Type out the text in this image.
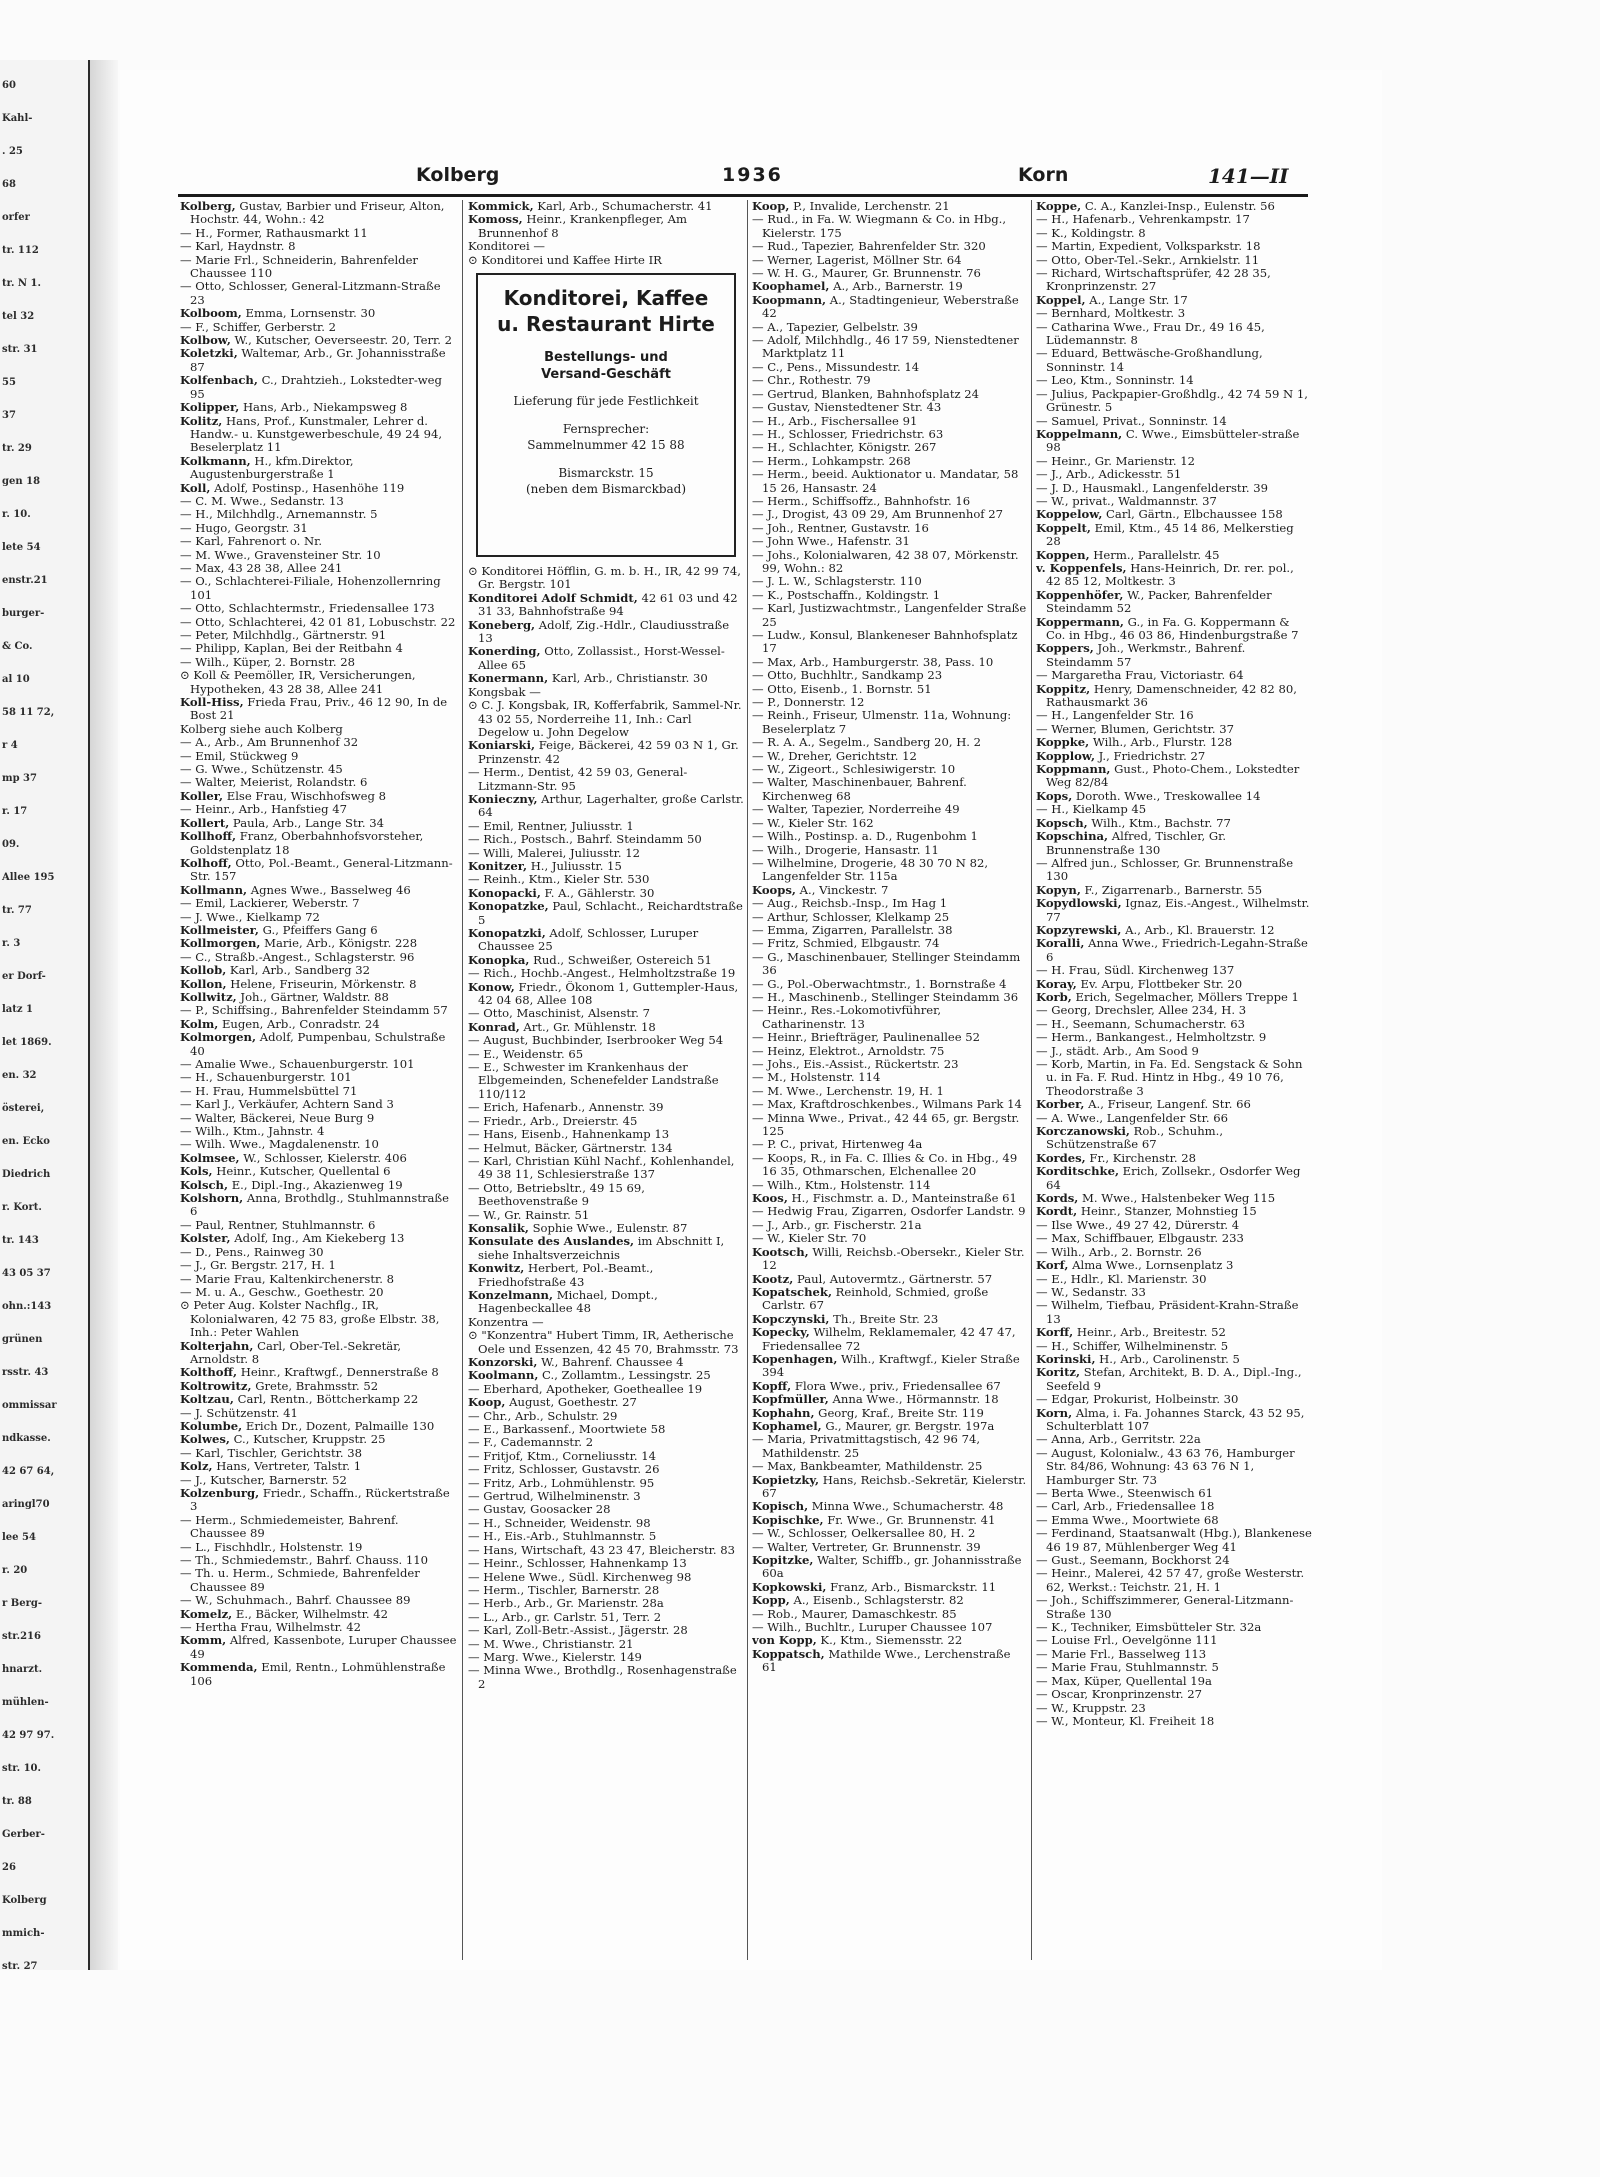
60
Kahl-
. 25
68
orfer
tr. 112
tr. N 1.
tel 32
str. 31
55
37
tr. 29
gen 18
r. 10.
lete 54
enstr.21
burger-
& Co.
al 10
58 11 72,
r 4
mp 37
r. 17
09.
Allee 195
tr. 77
r. 3
er Dorf-
latz 1
let 1869.
en. 32
österei,
en. Ecko
Diedrich
r. Kort.
tr. 143
43 05 37
ohn.:143
grünen
rsstr. 43
ommissar
ndkasse.
42 67 64,
aringl70
lee 54
r. 20
r Berg-
str.216
hnarzt.
mühlen-
42 97 97.
str. 10.
tr. 88
Gerber-
26
Kolberg
mmich-
str. 27
Kolberg	1936	Korn	141—II

Kolberg, Gustav, Barbier und Friseur, Alton, Hochstr. 44, Wohn.: 42

— H., Former, Rathausmarkt 11

— Karl, Haydnstr. 8

— Marie Frl., Schneiderin, Bahrenfelder Chaussee 110

— Otto, Schlosser, General-Litzmann-Straße 23

Kolboom, Emma, Lornsenstr. 30

— F., Schiffer, Gerberstr. 2

Kolbow, W., Kutscher, Oeverseestr. 20, Terr. 2

Koletzki, Waltemar, Arb., Gr. Johannisstraße 87

Kolfenbach, C., Drahtzieh., Lokstedter-weg 95

Kolipper, Hans, Arb., Niekampsweg 8

Kolitz, Hans, Prof., Kunstmaler, Lehrer d. Handw.- u. Kunstgewerbeschule, 49 24 94, Beselerplatz 11

Kolkmann, H., kfm.Direktor, Augustenburgerstraße 1

Koll, Adolf, Postinsp., Hasenhöhe 119

— C. M. Wwe., Sedanstr. 13

— H., Milchhdlg., Arnemannstr. 5

— Hugo, Georgstr. 31

— Karl, Fahrenort o. Nr.

— M. Wwe., Gravensteiner Str. 10

— Max, 43 28 38, Allee 241

— O., Schlachterei-Filiale, Hohenzollernring 101

— Otto, Schlachtermstr., Friedensallee 173

— Otto, Schlachterei, 42 01 81, Lobuschstr. 22

— Peter, Milchhdlg., Gärtnerstr. 91

— Philipp, Kaplan, Bei der Reitbahn 4

— Wilh., Küper, 2. Bornstr. 28

⊙ Koll & Peemöller, IR, Versicherungen, Hypotheken, 43 28 38, Allee 241

Koll-Hiss, Frieda Frau, Priv., 46 12 90, In de Bost 21

Kolberg siehe auch Kolberg

— A., Arb., Am Brunnenhof 32

— Emil, Stückweg 9

— G. Wwe., Schützenstr. 45

— Walter, Meierist, Rolandstr. 6

Koller, Else Frau, Wischhofsweg 8

— Heinr., Arb., Hanfstieg 47

Kollert, Paula, Arb., Lange Str. 34

Kollhoff, Franz, Oberbahnhofsvorsteher, Goldstenplatz 18

Kolhoff, Otto, Pol.-Beamt., General-Litzmann-Str. 157

Kollmann, Agnes Wwe., Basselweg 46

— Emil, Lackierer, Weberstr. 7

— J. Wwe., Kielkamp 72

Kollmeister, G., Pfeiffers Gang 6

Kollmorgen, Marie, Arb., Königstr. 228

— C., Straßb.-Angest., Schlagsterstr. 96

Kollob, Karl, Arb., Sandberg 32

Kollon, Helene, Friseurin, Mörkenstr. 8

Kollwitz, Joh., Gärtner, Waldstr. 88

— P., Schiffsing., Bahrenfelder Steindamm 57

Kolm, Eugen, Arb., Conradstr. 24

Kolmorgen, Adolf, Pumpenbau, Schulstraße 40

— Amalie Wwe., Schauenburgerstr. 101

— H., Schauenburgerstr. 101

— H. Frau, Hummelsbüttel 71

— Karl J., Verkäufer, Achtern Sand 3

— Walter, Bäckerei, Neue Burg 9

— Wilh., Ktm., Jahnstr. 4

— Wilh. Wwe., Magdalenenstr. 10

Kolmsee, W., Schlosser, Kielerstr. 406

Kols, Heinr., Kutscher, Quellental 6

Kolsch, E., Dipl.-Ing., Akazienweg 19

Kolshorn, Anna, Brothdlg., Stuhlmannstraße 6

— Paul, Rentner, Stuhlmannstr. 6

Kolster, Adolf, Ing., Am Kiekeberg 13

— D., Pens., Rainweg 30

— J., Gr. Bergstr. 217, H. 1

— Marie Frau, Kaltenkirchenerstr. 8

— M. u. A., Geschw., Goethestr. 20

⊙ Peter Aug. Kolster Nachflg., IR, Kolonialwaren, 42 75 83, große Elbstr. 38, Inh.: Peter Wahlen

Kolterjahn, Carl, Ober-Tel.-Sekretär, Arnoldstr. 8

Kolthoff, Heinr., Kraftwgf., Dennerstraße 8

Koltrowitz, Grete, Brahmsstr. 52

Koltzau, Carl, Rentn., Böttcherkamp 22

— J. Schützenstr. 41

Kolumbe, Erich Dr., Dozent, Palmaille 130

Kolwes, C., Kutscher, Kruppstr. 25

— Karl, Tischler, Gerichtstr. 38

Kolz, Hans, Vertreter, Talstr. 1

— J., Kutscher, Barnerstr. 52

Kolzenburg, Friedr., Schaffn., Rückertstraße 3

— Herm., Schmiedemeister, Bahrenf. Chaussee 89

— L., Fischhdlr., Holstenstr. 19

— Th., Schmiedemstr., Bahrf. Chauss. 110

— Th. u. Herm., Schmiede, Bahrenfelder Chaussee 89

— W., Schuhmach., Bahrf. Chaussee 89

Komelz, E., Bäcker, Wilhelmstr. 42

— Hertha Frau, Wilhelmstr. 42

Komm, Alfred, Kassenbote, Luruper Chaussee 49

Kommenda, Emil, Rentn., Lohmühlenstraße 106

Kommick, Karl, Arb., Schumacherstr. 41

Komoss, Heinr., Krankenpfleger, Am Brunnenhof 8

Konditorei —

⊙ Konditorei und Kaffee Hirte IR

Konditorei, Kaffee
u. Restaurant Hirte
Bestellungs- und
Versand-Geschäft
Lieferung für jede Festlichkeit
Fernsprecher:
Sammelnummer 42 15 88
Bismarckstr. 15
(neben dem Bismarckbad)

⊙ Konditorei Höfflin, G. m. b. H., IR, 42 99 74, Gr. Bergstr. 101

Konditorei Adolf Schmidt, 42 61 03 und 42 31 33, Bahnhofstraße 94

Koneberg, Adolf, Zig.-Hdlr., Claudiusstraße 13

Konerding, Otto, Zollassist., Horst-Wessel-Allee 65

Konermann, Karl, Arb., Christianstr. 30

Kongsbak —

⊙ C. J. Kongsbak, IR, Kofferfabrik, Sammel-Nr. 43 02 55, Norderreihe 11, Inh.: Carl Degelow u. John Degelow

Koniarski, Feige, Bäckerei, 42 59 03 N 1, Gr. Prinzenstr. 42

— Herm., Dentist, 42 59 03, General-Litzmann-Str. 95

Konieczny, Arthur, Lagerhalter, große Carlstr. 64

— Emil, Rentner, Juliusstr. 1

— Rich., Postsch., Bahrf. Steindamm 50

— Willi, Malerei, Juliusstr. 12

Konitzer, H., Juliusstr. 15

— Reinh., Ktm., Kieler Str. 530

Konopacki, F. A., Gählerstr. 30

Konopatzke, Paul, Schlacht., Reichardtstraße 5

Konopatzki, Adolf, Schlosser, Luruper Chaussee 25

Konopka, Rud., Schweißer, Ostereich 51

— Rich., Hochb.-Angest., Helmholtzstraße 19

Konow, Friedr., Ökonom 1, Guttempler-Haus, 42 04 68, Allee 108

— Otto, Maschinist, Alsenstr. 7

Konrad, Art., Gr. Mühlenstr. 18

— August, Buchbinder, Iserbrooker Weg 54

— E., Weidenstr. 65

— E., Schwester im Krankenhaus der Elbgemeinden, Schenefelder Landstraße 110/112

— Erich, Hafenarb., Annenstr. 39

— Friedr., Arb., Dreierstr. 45

— Hans, Eisenb., Hahnenkamp 13

— Helmut, Bäcker, Gärtnerstr. 134

— Karl, Christian Kühl Nachf., Kohlenhandel, 49 38 11, Schlesierstraße 137

— Otto, Betriebsltr., 49 15 69, Beethovenstraße 9

— W., Gr. Rainstr. 51

Konsalik, Sophie Wwe., Eulenstr. 87

Konsulate des Auslandes, im Abschnitt I, siehe Inhaltsverzeichnis

Konwitz, Herbert, Pol.-Beamt., Friedhofstraße 43

Konzelmann, Michael, Dompt., Hagenbeckallee 48

Konzentra —

⊙ "Konzentra" Hubert Timm, IR, Aetherische Oele und Essenzen, 42 45 70, Brahmsstr. 73

Konzorski, W., Bahrenf. Chaussee 4

Koolmann, C., Zollamtm., Lessingstr. 25

— Eberhard, Apotheker, Goetheallee 19

Koop, August, Goethestr. 27

— Chr., Arb., Schulstr. 29

— E., Barkassenf., Moortwiete 58

— F., Cademannstr. 2

— Fritjof, Ktm., Corneliusstr. 14

— Fritz, Schlosser, Gustavstr. 26

— Fritz, Arb., Lohmühlenstr. 95

— Gertrud, Wilhelminenstr. 3

— Gustav, Goosacker 28

— H., Schneider, Weidenstr. 98

— H., Eis.-Arb., Stuhlmannstr. 5

— Hans, Wirtschaft, 43 23 47, Bleicherstr. 83

— Heinr., Schlosser, Hahnenkamp 13

— Helene Wwe., Südl. Kirchenweg 98

— Herm., Tischler, Barnerstr. 28

— Herb., Arb., Gr. Marienstr. 28a

— L., Arb., gr. Carlstr. 51, Terr. 2

— Karl, Zoll-Betr.-Assist., Jägerstr. 28

— M. Wwe., Christianstr. 21

— Marg. Wwe., Kielerstr. 149

— Minna Wwe., Brothdlg., Rosenhagenstraße 2

Koop, P., Invalide, Lerchenstr. 21

— Rud., in Fa. W. Wiegmann & Co. in Hbg., Kielerstr. 175

— Rud., Tapezier, Bahrenfelder Str. 320

— Werner, Lagerist, Möllner Str. 64

— W. H. G., Maurer, Gr. Brunnenstr. 76

Koophamel, A., Arb., Barnerstr. 19

Koopmann, A., Stadtingenieur, Weberstraße 42

— A., Tapezier, Gelbelstr. 39

— Adolf, Milchhdlg., 46 17 59, Nienstedtener Marktplatz 11

— C., Pens., Missundestr. 14

— Chr., Rothestr. 79

— Gertrud, Blanken, Bahnhofsplatz 24

— Gustav, Nienstedtener Str. 43

— H., Arb., Fischersallee 91

— H., Schlosser, Friedrichstr. 63

— H., Schlachter, Königstr. 267

— Herm., Lohkampstr. 268

— Herm., beeid. Auktionator u. Mandatar, 58 15 26, Hansastr. 24

— Herm., Schiffsoffz., Bahnhofstr. 16

— J., Drogist, 43 09 29, Am Brunnenhof 27

— Joh., Rentner, Gustavstr. 16

— John Wwe., Hafenstr. 31

— Johs., Kolonialwaren, 42 38 07, Mörkenstr. 99, Wohn.: 82

— J. L. W., Schlagsterstr. 110

— K., Postschaffn., Koldingstr. 1

— Karl, Justizwachtmstr., Langenfelder Straße 25

— Ludw., Konsul, Blankeneser Bahnhofsplatz 17

— Max, Arb., Hamburgerstr. 38, Pass. 10

— Otto, Buchhltr., Sandkamp 23

— Otto, Eisenb., 1. Bornstr. 51

— P., Donnerstr. 12

— Reinh., Friseur, Ulmenstr. 11a, Wohnung: Beselerplatz 7

— R. A. A., Segelm., Sandberg 20, H. 2

— W., Dreher, Gerichtstr. 12

— W., Zigeort., Schlesiwigerstr. 10

— Walter, Maschinenbauer, Bahrenf. Kirchenweg 68

— Walter, Tapezier, Norderreihe 49

— W., Kieler Str. 162

— Wilh., Postinsp. a. D., Rugenbohm 1

— Wilh., Drogerie, Hansastr. 11

— Wilhelmine, Drogerie, 48 30 70 N 82, Langenfelder Str. 115a

Koops, A., Vinckestr. 7

— Aug., Reichsb.-Insp., Im Hag 1

— Arthur, Schlosser, Klelkamp 25

— Emma, Zigarren, Parallelstr. 38

— Fritz, Schmied, Elbgaustr. 74

— G., Maschinenbauer, Stellinger Steindamm 36

— G., Pol.-Oberwachtmstr., 1. Bornstraße 4

— H., Maschinenb., Stellinger Steindamm 36

— Heinr., Res.-Lokomotivführer, Catharinenstr. 13

— Heinr., Briefträger, Paulinenallee 52

— Heinz, Elektrot., Arnoldstr. 75

— Johs., Eis.-Assist., Rückertstr. 23

— M., Holstenstr. 114

— M. Wwe., Lerchenstr. 19, H. 1

— Max, Kraftdroschkenbes., Wilmans Park 14

— Minna Wwe., Privat., 42 44 65, gr. Bergstr. 125

— P. C., privat, Hirtenweg 4a

— Koops, R., in Fa. C. Illies & Co. in Hbg., 49 16 35, Othmarschen, Elchenallee 20

— Wilh., Ktm., Holstenstr. 114

Koos, H., Fischmstr. a. D., Manteinstraße 61

— Hedwig Frau, Zigarren, Osdorfer Landstr. 9

— J., Arb., gr. Fischerstr. 21a

— W., Kieler Str. 70

Kootsch, Willi, Reichsb.-Obersekr., Kieler Str. 12

Kootz, Paul, Autovermtz., Gärtnerstr. 57

Kopatschek, Reinhold, Schmied, große Carlstr. 67

Kopczynski, Th., Breite Str. 23

Kopecky, Wilhelm, Reklamemaler, 42 47 47, Friedensallee 72

Kopenhagen, Wilh., Kraftwgf., Kieler Straße 394

Kopff, Flora Wwe., priv., Friedensallee 67

Kopfmüller, Anna Wwe., Hörmannstr. 18

Kophahn, Georg, Kraf., Breite Str. 119

Kophamel, G., Maurer, gr. Bergstr. 197a

— Maria, Privatmittagstisch, 42 96 74, Mathildenstr. 25

— Max, Bankbeamter, Mathildenstr. 25

Kopietzky, Hans, Reichsb.-Sekretär, Kielerstr. 67

Kopisch, Minna Wwe., Schumacherstr. 48

Kopischke, Fr. Wwe., Gr. Brunnenstr. 41

— W., Schlosser, Oelkersallee 80, H. 2

— Walter, Vertreter, Gr. Brunnenstr. 39

Kopitzke, Walter, Schiffb., gr. Johannisstraße 60a

Kopkowski, Franz, Arb., Bismarckstr. 11

Kopp, A., Eisenb., Schlagsterstr. 82

— Rob., Maurer, Damaschkestr. 85

— Wilh., Buchltr., Luruper Chaussee 107

von Kopp, K., Ktm., Siemensstr. 22

Koppatsch, Mathilde Wwe., Lerchenstraße 61

Koppe, C. A., Kanzlei-Insp., Eulenstr. 56

— H., Hafenarb., Vehrenkampstr. 17

— K., Koldingstr. 8

— Martin, Expedient, Volksparkstr. 18

— Otto, Ober-Tel.-Sekr., Arnkielstr. 11

— Richard, Wirtschaftsprüfer, 42 28 35, Kronprinzenstr. 27

Koppel, A., Lange Str. 17

— Bernhard, Moltkestr. 3

— Catharina Wwe., Frau Dr., 49 16 45, Lüdemannstr. 8

— Eduard, Bettwäsche-Großhandlung, Sonninstr. 14

— Leo, Ktm., Sonninstr. 14

— Julius, Packpapier-Großhdlg., 42 74 59 N 1, Grünestr. 5

— Samuel, Privat., Sonninstr. 14

Koppelmann, C. Wwe., Eimsbütteler-straße 98

— Heinr., Gr. Marienstr. 12

— J., Arb., Adickesstr. 51

— J. D., Hausmakl., Langenfelderstr. 39

— W., privat., Waldmannstr. 37

Koppelow, Carl, Gärtn., Elbchaussee 158

Koppelt, Emil, Ktm., 45 14 86, Melkerstieg 28

Koppen, Herm., Parallelstr. 45

v. Koppenfels, Hans-Heinrich, Dr. rer. pol., 42 85 12, Moltkestr. 3

Koppenhöfer, W., Packer, Bahrenfelder Steindamm 52

Koppermann, G., in Fa. G. Koppermann & Co. in Hbg., 46 03 86, Hindenburgstraße 7

Koppers, Joh., Werkmstr., Bahrenf. Steindamm 57

— Margaretha Frau, Victoriastr. 64

Koppitz, Henry, Damenschneider, 42 82 80, Rathausmarkt 36

— H., Langenfelder Str. 16

— Werner, Blumen, Gerichtstr. 37

Koppke, Wilh., Arb., Flurstr. 128

Kopplow, J., Friedrichstr. 27

Koppmann, Gust., Photo-Chem., Lokstedter Weg 82/84

Kops, Doroth. Wwe., Treskowallee 14

— H., Kielkamp 45

Kopsch, Wilh., Ktm., Bachstr. 77

Kopschina, Alfred, Tischler, Gr. Brunnenstraße 130

— Alfred jun., Schlosser, Gr. Brunnenstraße 130

Kopyn, F., Zigarrenarb., Barnerstr. 55

Kopydlowski, Ignaz, Eis.-Angest., Wilhelmstr. 77

Kopzyrewski, A., Arb., Kl. Brauerstr. 12

Koralli, Anna Wwe., Friedrich-Legahn-Straße 6

— H. Frau, Südl. Kirchenweg 137

Koray, Ev. Arpu, Flottbeker Str. 20

Korb, Erich, Segelmacher, Möllers Treppe 1

— Georg, Drechsler, Allee 234, H. 3

— H., Seemann, Schumacherstr. 63

— Herm., Bankangest., Helmholtzstr. 9

— J., städt. Arb., Am Sood 9

— Korb, Martin, in Fa. Ed. Sengstack & Sohn u. in Fa. F. Rud. Hintz in Hbg., 49 10 76, Theodorstraße 3

Korber, A., Friseur, Langenf. Str. 66

— A. Wwe., Langenfelder Str. 66

Korczanowski, Rob., Schuhm., Schützenstraße 67

Kordes, Fr., Kirchenstr. 28

Korditschke, Erich, Zollsekr., Osdorfer Weg 64

Kords, M. Wwe., Halstenbeker Weg 115

Kordt, Heinr., Stanzer, Mohnstieg 15

— Ilse Wwe., 49 27 42, Dürerstr. 4

— Max, Schiffbauer, Elbgaustr. 233

— Wilh., Arb., 2. Bornstr. 26

Korf, Alma Wwe., Lornsenplatz 3

— E., Hdlr., Kl. Marienstr. 30

— W., Sedanstr. 33

— Wilhelm, Tiefbau, Präsident-Krahn-Straße 13

Korff, Heinr., Arb., Breitestr. 52

— H., Schiffer, Wilhelminenstr. 5

Korinski, H., Arb., Carolinenstr. 5

Koritz, Stefan, Architekt, B. D. A., Dipl.-Ing., Seefeld 9

— Edgar, Prokurist, Holbeinstr. 30

Korn, Alma, i. Fa. Johannes Starck, 43 52 95, Schulterblatt 107

— Anna, Arb., Gerritstr. 22a

— August, Kolonialw., 43 63 76, Hamburger Str. 84/86, Wohnung: 43 63 76 N 1, Hamburger Str. 73

— Berta Wwe., Steenwisch 61

— Carl, Arb., Friedensallee 18

— Emma Wwe., Moortwiete 68

— Ferdinand, Staatsanwalt (Hbg.), Blankenese 46 19 87, Mühlenberger Weg 41

— Gust., Seemann, Bockhorst 24

— Heinr., Malerei, 42 57 47, große Westerstr. 62, Werkst.: Teichstr. 21, H. 1

— Joh., Schiffszimmerer, General-Litzmann-Straße 130

— K., Techniker, Eimsbütteler Str. 32a

— Louise Frl., Oevelgönne 111

— Marie Frl., Basselweg 113

— Marie Frau, Stuhlmannstr. 5

— Max, Küper, Quellental 19a

— Oscar, Kronprinzenstr. 27

— W., Kruppstr. 23

— W., Monteur, Kl. Freiheit 18
